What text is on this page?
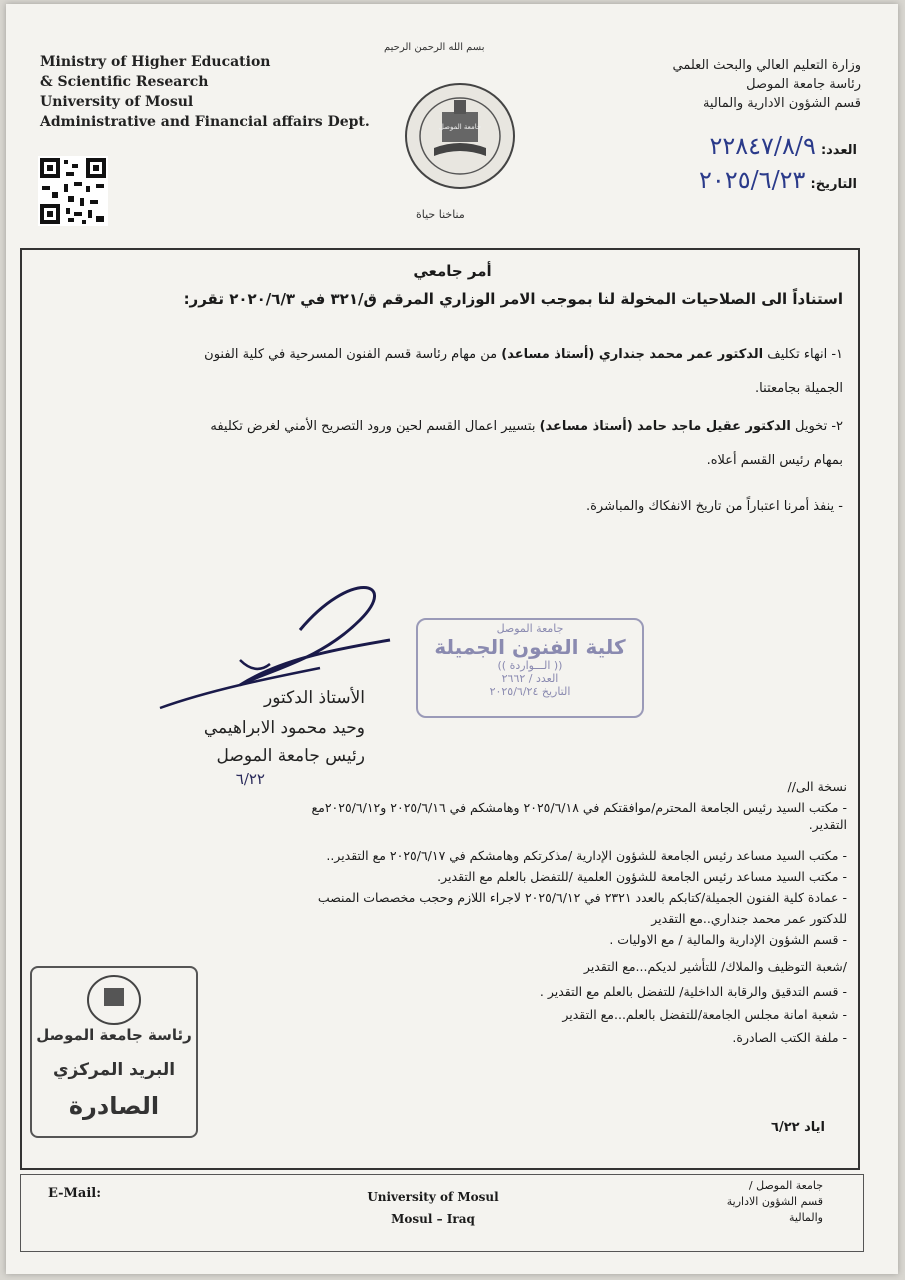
Ministry of Higher Education
& Scientific Research
University of Mosul
Administrative and Financial affairs Dept.
بسم الله الرحمن الرحيم
جامعة الموصل
مناخنا حياة
وزارة التعليم العالي والبحث العلمي
رئاسة جامعة الموصل
قسم الشؤون الادارية والمالية
العدد: ٢٢٨٤٧/٨/٩
التاريخ: ٢٠٢٥/٦/٢٣
أمر جامعي
استناداً الى الصلاحيات المخولة لنا بموجب الامر الوزاري المرقم ق/٣٢١ في ٢٠٢٠/٦/٣ تقرر:
١- انهاء تكليف الدكتور عمر محمد جنداري (أستاذ مساعد) من مهام رئاسة قسم الفنون المسرحية في كلية الفنون
الجميلة بجامعتنا.
٢- تخويل الدكتور عقيل ماجد حامد (أستاذ مساعد) بتسيير اعمال القسم لحين ورود التصريح الأمني لغرض تكليفه
بمهام رئيس القسم أعلاه.
- ينفذ أمرنا اعتباراً من تاريخ الانفكاك والمباشرة.
الأستاذ الدكتور
وحيد محمود الابراهيمي
رئيس جامعة الموصل
٦/٢٢
جامعة الموصل
كلية الفنون الجميلة
(( الـــواردة ))
العدد / ٢٦٦٢
التاريخ ٢٠٢٥/٦/٢٤
نسخة الى//
- مكتب السيد رئيس الجامعة المحترم/موافقتكم في ٢٠٢٥/٦/١٨ وهامشكم في ٢٠٢٥/٦/١٦ و٢٠٢٥/٦/١٢مع
التقدير.
- مكتب السيد مساعد رئيس الجامعة للشؤون الإدارية /مذكرتكم وهامشكم في ٢٠٢٥/٦/١٧ مع التقدير..
- مكتب السيد مساعد رئيس الجامعة للشؤون العلمية /للتفضل بالعلم مع التقدير.
- عمادة كلية الفنون الجميلة/كتابكم بالعدد ٢٣٢١ في ٢٠٢٥/٦/١٢ لاجراء اللازم وحجب مخصصات المنصب
للدكتور عمر محمد جنداري..مع التقدير
- قسم الشؤون الإدارية والمالية / مع الاوليات .
/شعبة التوظيف والملاك/ للتأشير لديكم...مع التقدير
- قسم التدقيق والرقابة الداخلية/ للتفضل بالعلم مع التقدير .
- شعبة امانة مجلس الجامعة/للتفضل بالعلم...مع التقدير
- ملفة الكتب الصادرة.
اياد ٦/٢٢
رئاسة جامعة الموصل
البريد المركزي
الصادرة
E-Mail:	University of Mosul
Mosul – Iraq
جامعة الموصل /
قسم الشؤون الادارية
والمالية
